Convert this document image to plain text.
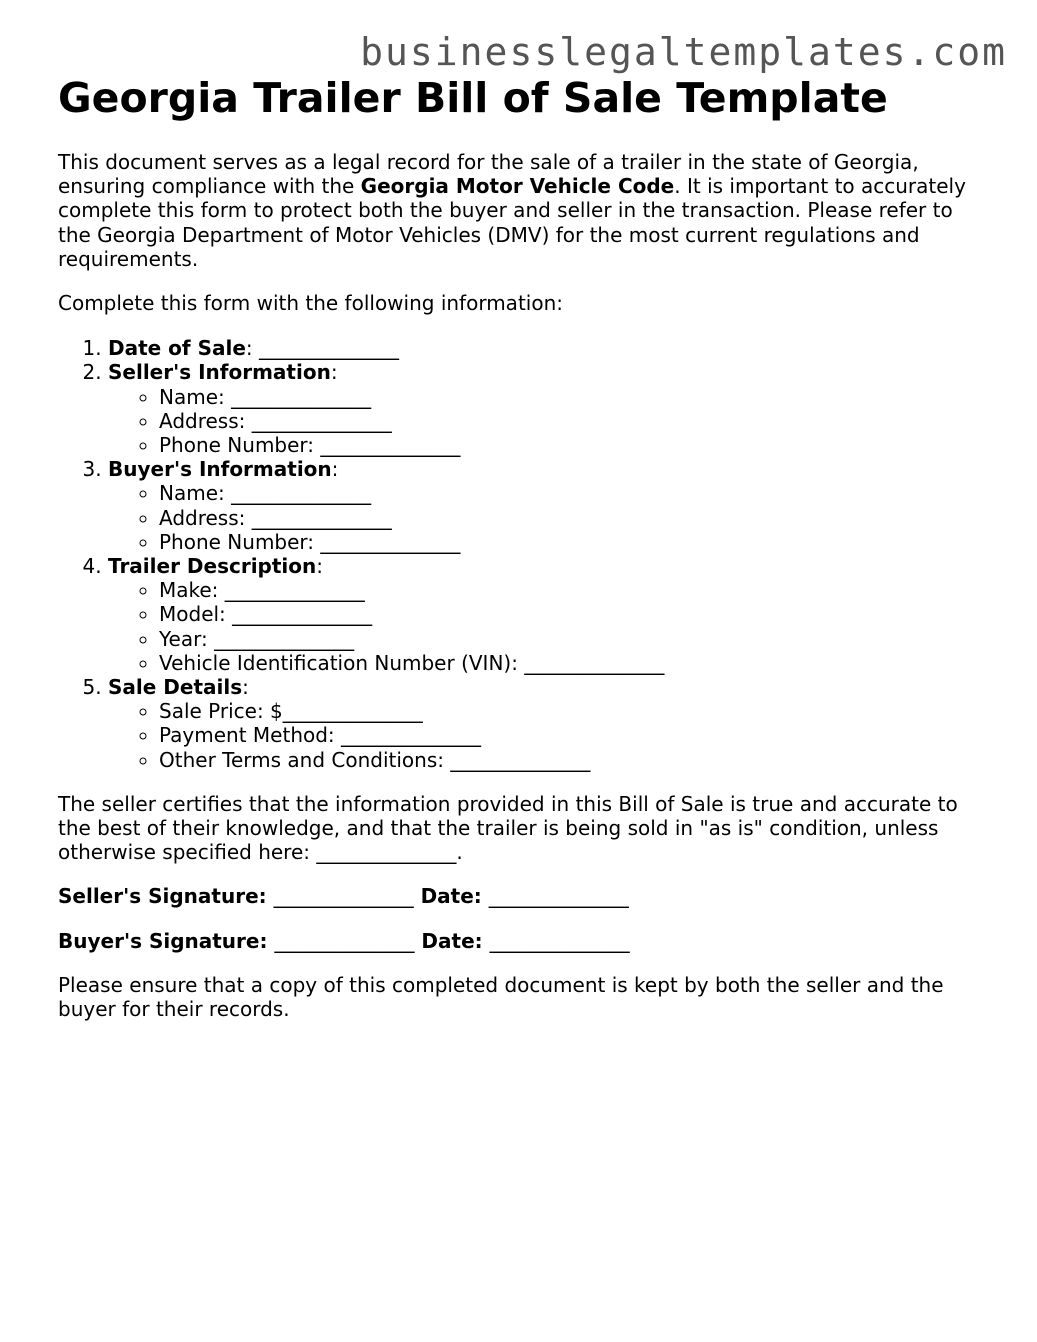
businesslegaltemplates.com
Georgia Trailer Bill of Sale Template

This document serves as a legal record for the sale of a trailer in the state of Georgia, ensuring compliance with the Georgia Motor Vehicle Code. It is important to accurately complete this form to protect both the buyer and seller in the transaction. Please refer to the Georgia Department of Motor Vehicles (DMV) for the most current regulations and requirements.

Complete this form with the following information:

1. Date of Sale: ______________
2. Seller's Information:
◦ Name: ______________
◦ Address: ______________
◦ Phone Number: ______________
3. Buyer's Information:
◦ Name: ______________
◦ Address: ______________
◦ Phone Number: ______________
4. Trailer Description:
◦ Make: ______________
◦ Model: ______________
◦ Year: ______________
◦ Vehicle Identification Number (VIN): ______________
5. Sale Details:
◦ Sale Price: $______________
◦ Payment Method: ______________
◦ Other Terms and Conditions: ______________

The seller certifies that the information provided in this Bill of Sale is true and accurate to the best of their knowledge, and that the trailer is being sold in "as is" condition, unless otherwise specified here: ______________.

Seller's Signature: ______________ Date: ______________

Buyer's Signature: ______________ Date: ______________

Please ensure that a copy of this completed document is kept by both the seller and the buyer for their records.
